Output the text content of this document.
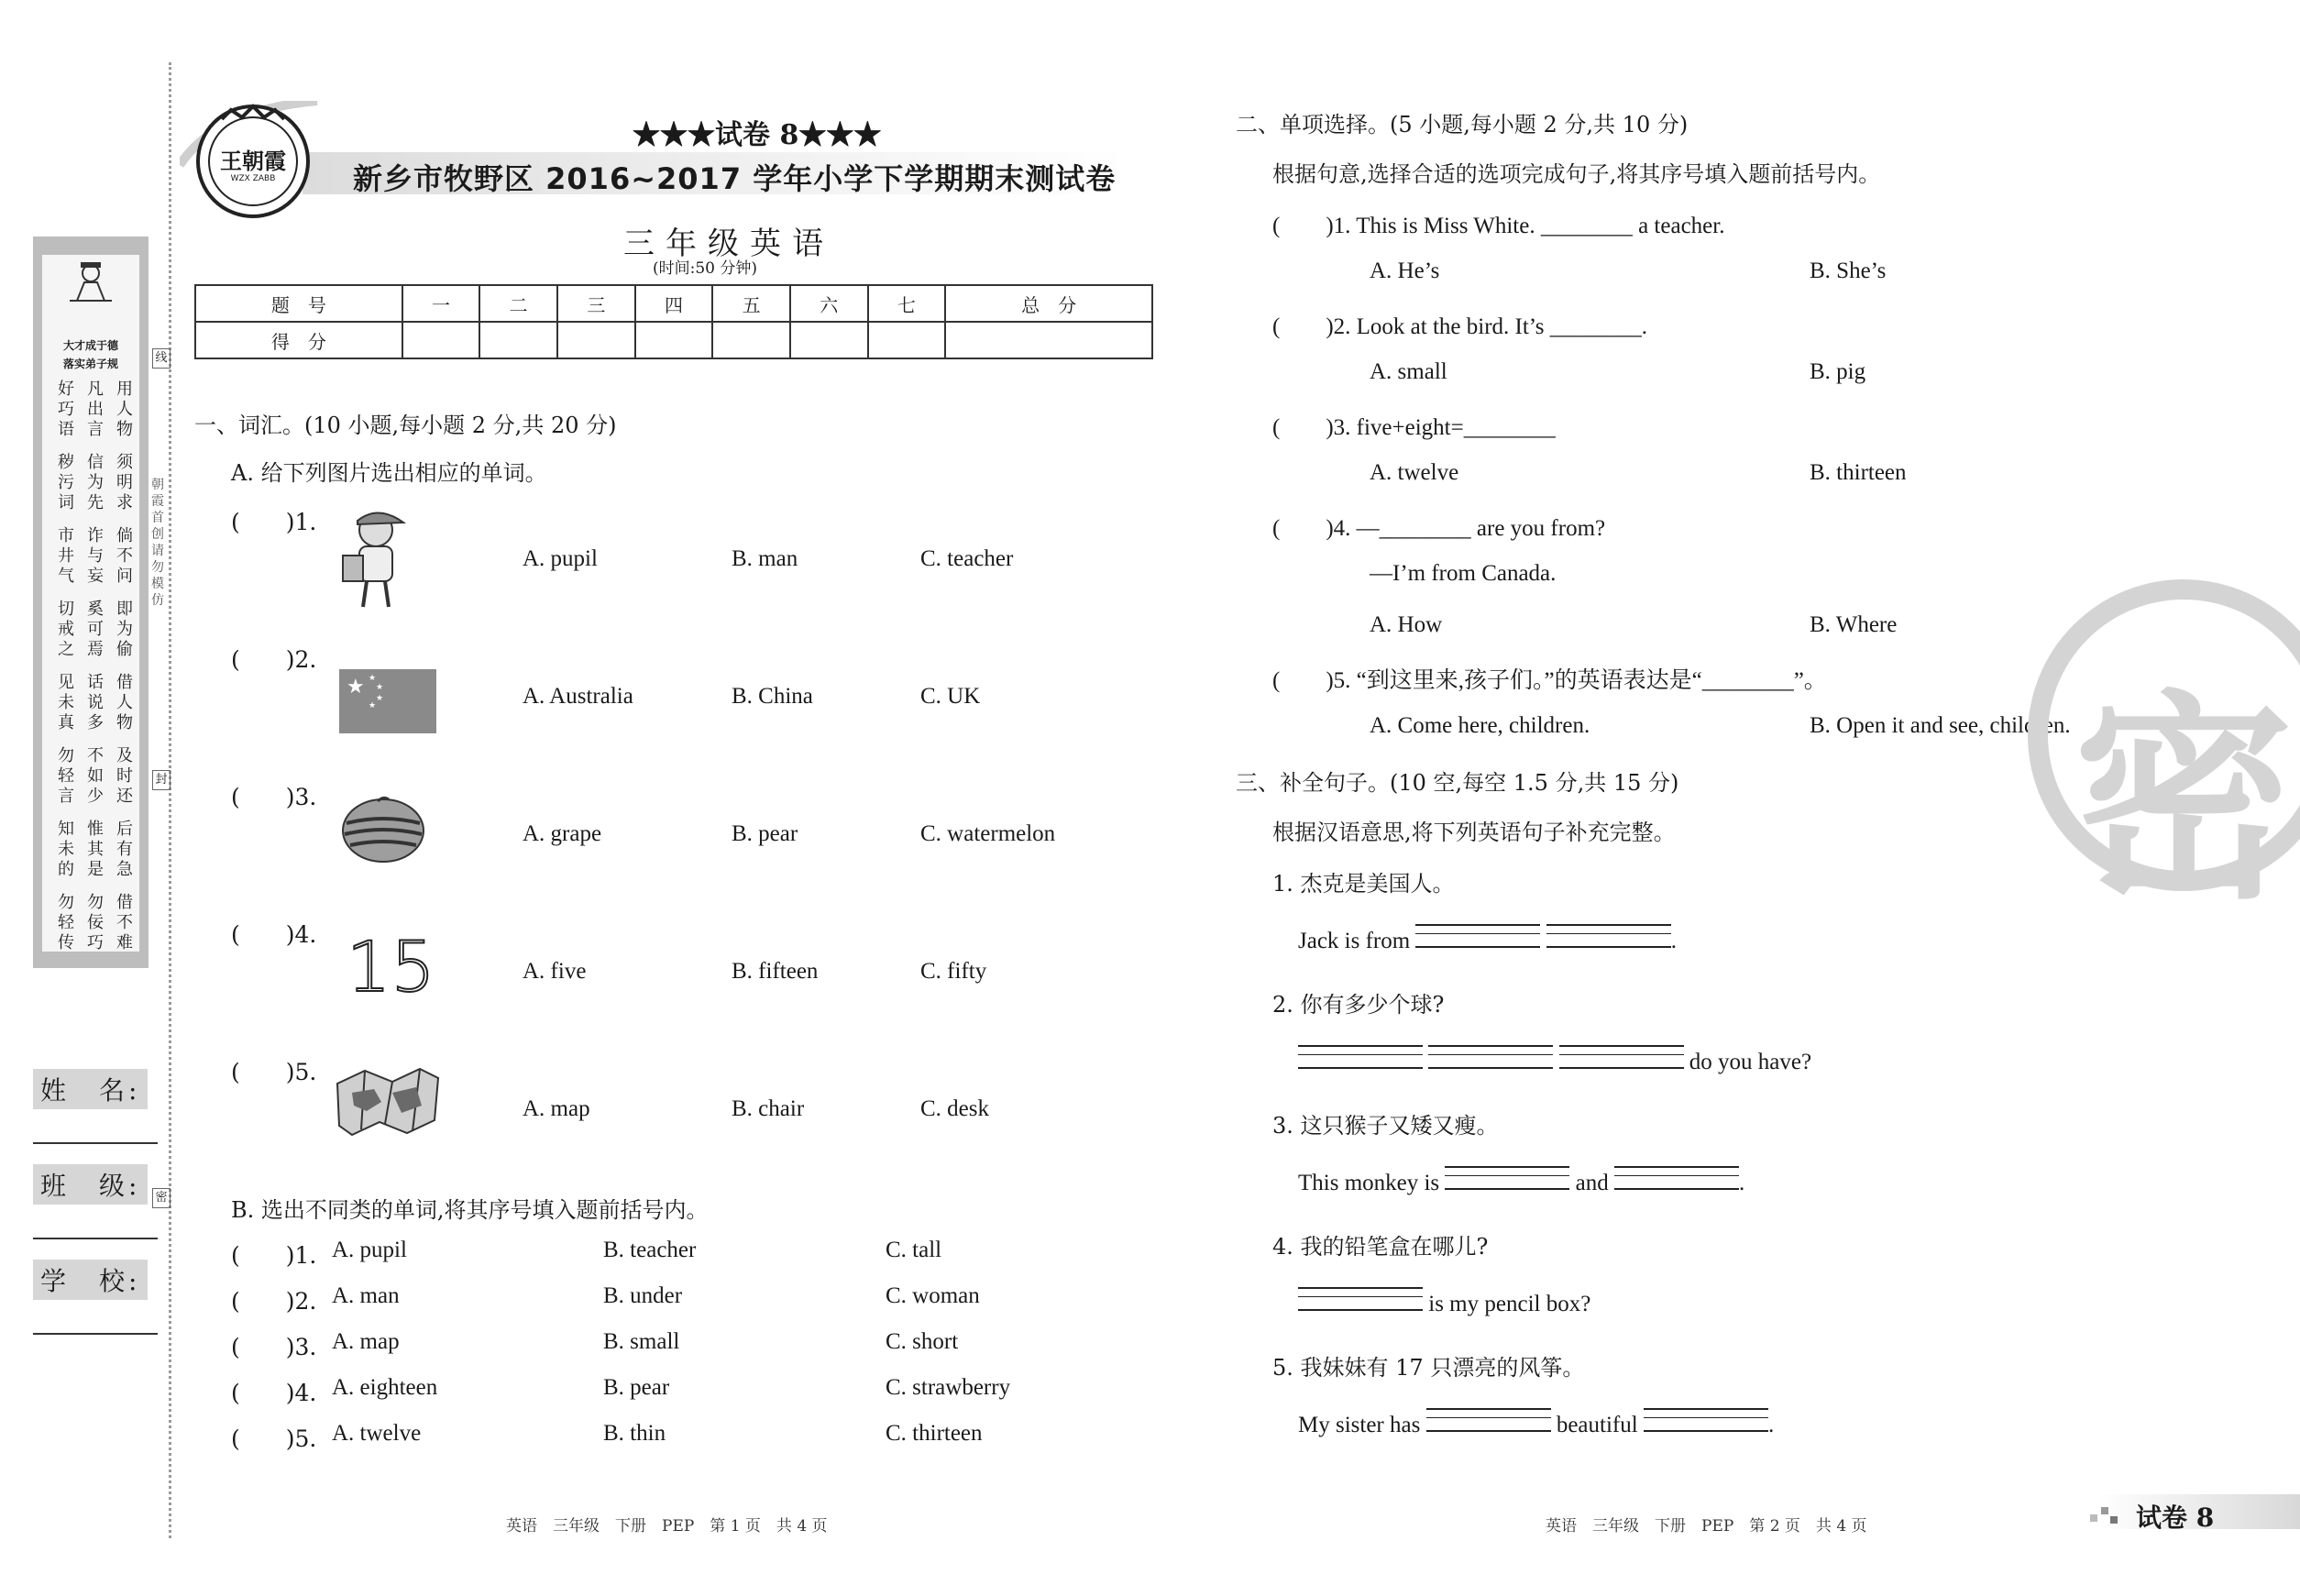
大才成于德
落实弟子规
好巧语
凡出言
用人物
秽污词
信为先
须明求
市井气
诈与妄
倘不问
切戒之
奚可焉
即为偷
见未真
话说多
借人物
勿轻言
不如少
及时还
知未的
惟其是
后有急
勿轻传
勿佞巧
借不难
线
朝霞首创 请勿模仿
封
密
姓　名:
班　级:
学　校:
王朝霞
WZX ZABB
★★★试卷 8★★★
新乡市牧野区 2016~2017 学年小学下学期期末测试卷
三年级英语
(时间:50 分钟)
题　号	一	二	三	四	五	六	七	总　分
得　分								
一、词汇。(10 小题,每小题 2 分,共 20 分)
A. 给下列图片选出相应的单词。
(　　)1.
A. pupil	B. man	C. teacher
(　　)2.
A. Australia	B. China	C. UK
(　　)3.
A. grape	B. pear	C. watermelon
(　　)4.
A. five	B. fifteen	C. fifty
(　　)5.
A. map	B. chair	C. desk
★ ★
★
★
★
15
B. 选出不同类的单词,将其序号填入题前括号内。
(　　)1. A. pupil	B. teacher	C. tall
(　　)2. A. man	B. under	C. woman
(　　)3. A. map	B. small	C. short
(　　)4. A. eighteen	B. pear	C. strawberry
(　　)5. A. twelve	B. thin	C. thirteen
二、单项选择。(5 小题,每小题 2 分,共 10 分)
根据句意,选择合适的选项完成句子,将其序号填入题前括号内。
(　　)1. This is Miss White. ________ a teacher.
A. He’s	B. She’s
(　　)2. Look at the bird. It’s ________.
A. small	B. pig
(　　)3. five+eight=________
A. twelve	B. thirteen
(　　)4. —________ are you from?
—I’m from Canada.
A. How	B. Where
(　　)5. “到这里来,孩子们。”的英语表达是“________”。
A. Come here, children.	B. Open it and see, children.
三、补全句子。(10 空,每空 1.5 分,共 15 分)
根据汉语意思,将下列英语句子补充完整。
1. 杰克是美国人。
Jack is from	.
2. 你有多少个球?
do you have?
3. 这只猴子又矮又瘦。
This monkey is	and	.
4. 我的铅笔盒在哪儿?
is my pencil box?
5. 我妹妹有 17 只漂亮的风筝。
My sister has	beautiful	.
密
英语　三年级　下册　PEP　第 1 页　共 4 页	英语　三年级　下册　PEP　第 2 页　共 4 页	试卷 8
